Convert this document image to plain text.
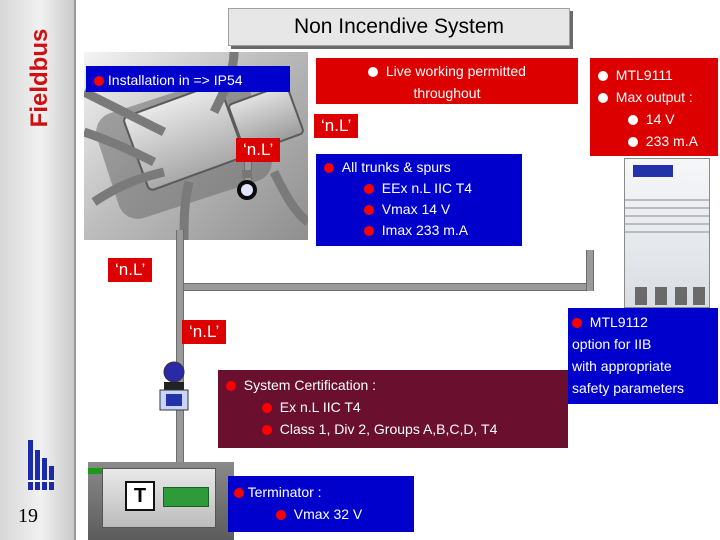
Fieldbus
19
Non Incendive System
Installation in => IP54
Live working permitted
throughout
MTL9111
Max output :
14 V
233 m.A
‘n.L’
‘n.L’
‘n.L’
‘n.L’
All trunks & spurs
EEx n.L IIC T4
Vmax 14 V
Imax 233 m.A
MTL9112
option for IIB
with appropriate
safety parameters
System Certification :
Ex n.L IIC T4
Class 1, Div 2, Groups A,B,C,D, T4
T	Terminator :
Vmax 32 V
